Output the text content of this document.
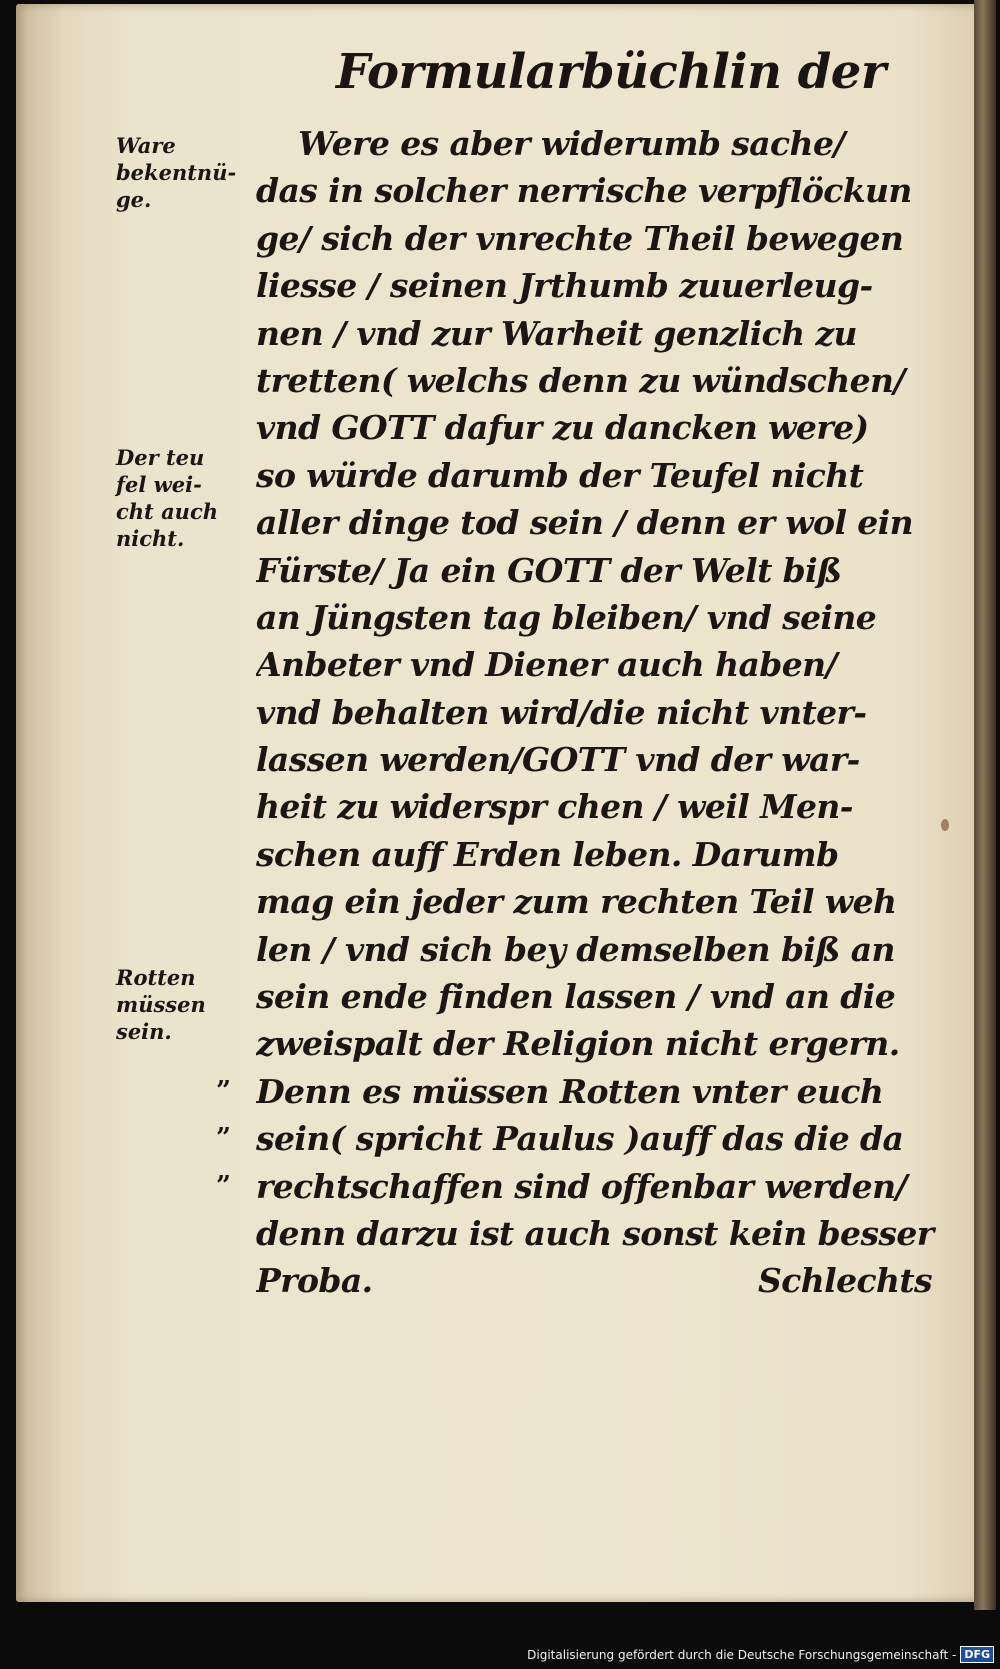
Formularbüchlin der
Ware
bekentnü-
ge.
Der teu
fel wei-
cht auch
nicht.
Rotten
müssen
sein.
”
”
”
Were es aber widerumb sache/
das in solcher nerrische verpflöckun
ge/ sich der vnrechte Theil bewegen
liesse / seinen Jrthumb zuuerleug-
nen / vnd zur Warheit genzlich zu
tretten( welchs denn zu wündschen/
vnd GOTT dafur zu dancken were)
so würde darumb der Teufel nicht
aller dinge tod sein / denn er wol ein
Fürste/ Ja ein GOTT der Welt biß
an Jüngsten tag bleiben/ vnd seine
Anbeter vnd Diener auch haben/
vnd behalten wird/die nicht vnter-
lassen werden/GOTT vnd der war-
heit zu widerspr chen / weil Men-
schen auff Erden leben. Darumb
mag ein jeder zum rechten Teil weh
len / vnd sich bey demselben biß an
sein ende finden lassen / vnd an die
zweispalt der Religion nicht ergern.
Denn es müssen Rotten vnter euch
sein( spricht Paulus )auff das die da
rechtschaffen sind offenbar werden/
denn darzu ist auch sonst kein besser
Proba.	Schlechts
Digitalisierung gefördert durch die Deutsche Forschungsgemeinschaft - DFG
